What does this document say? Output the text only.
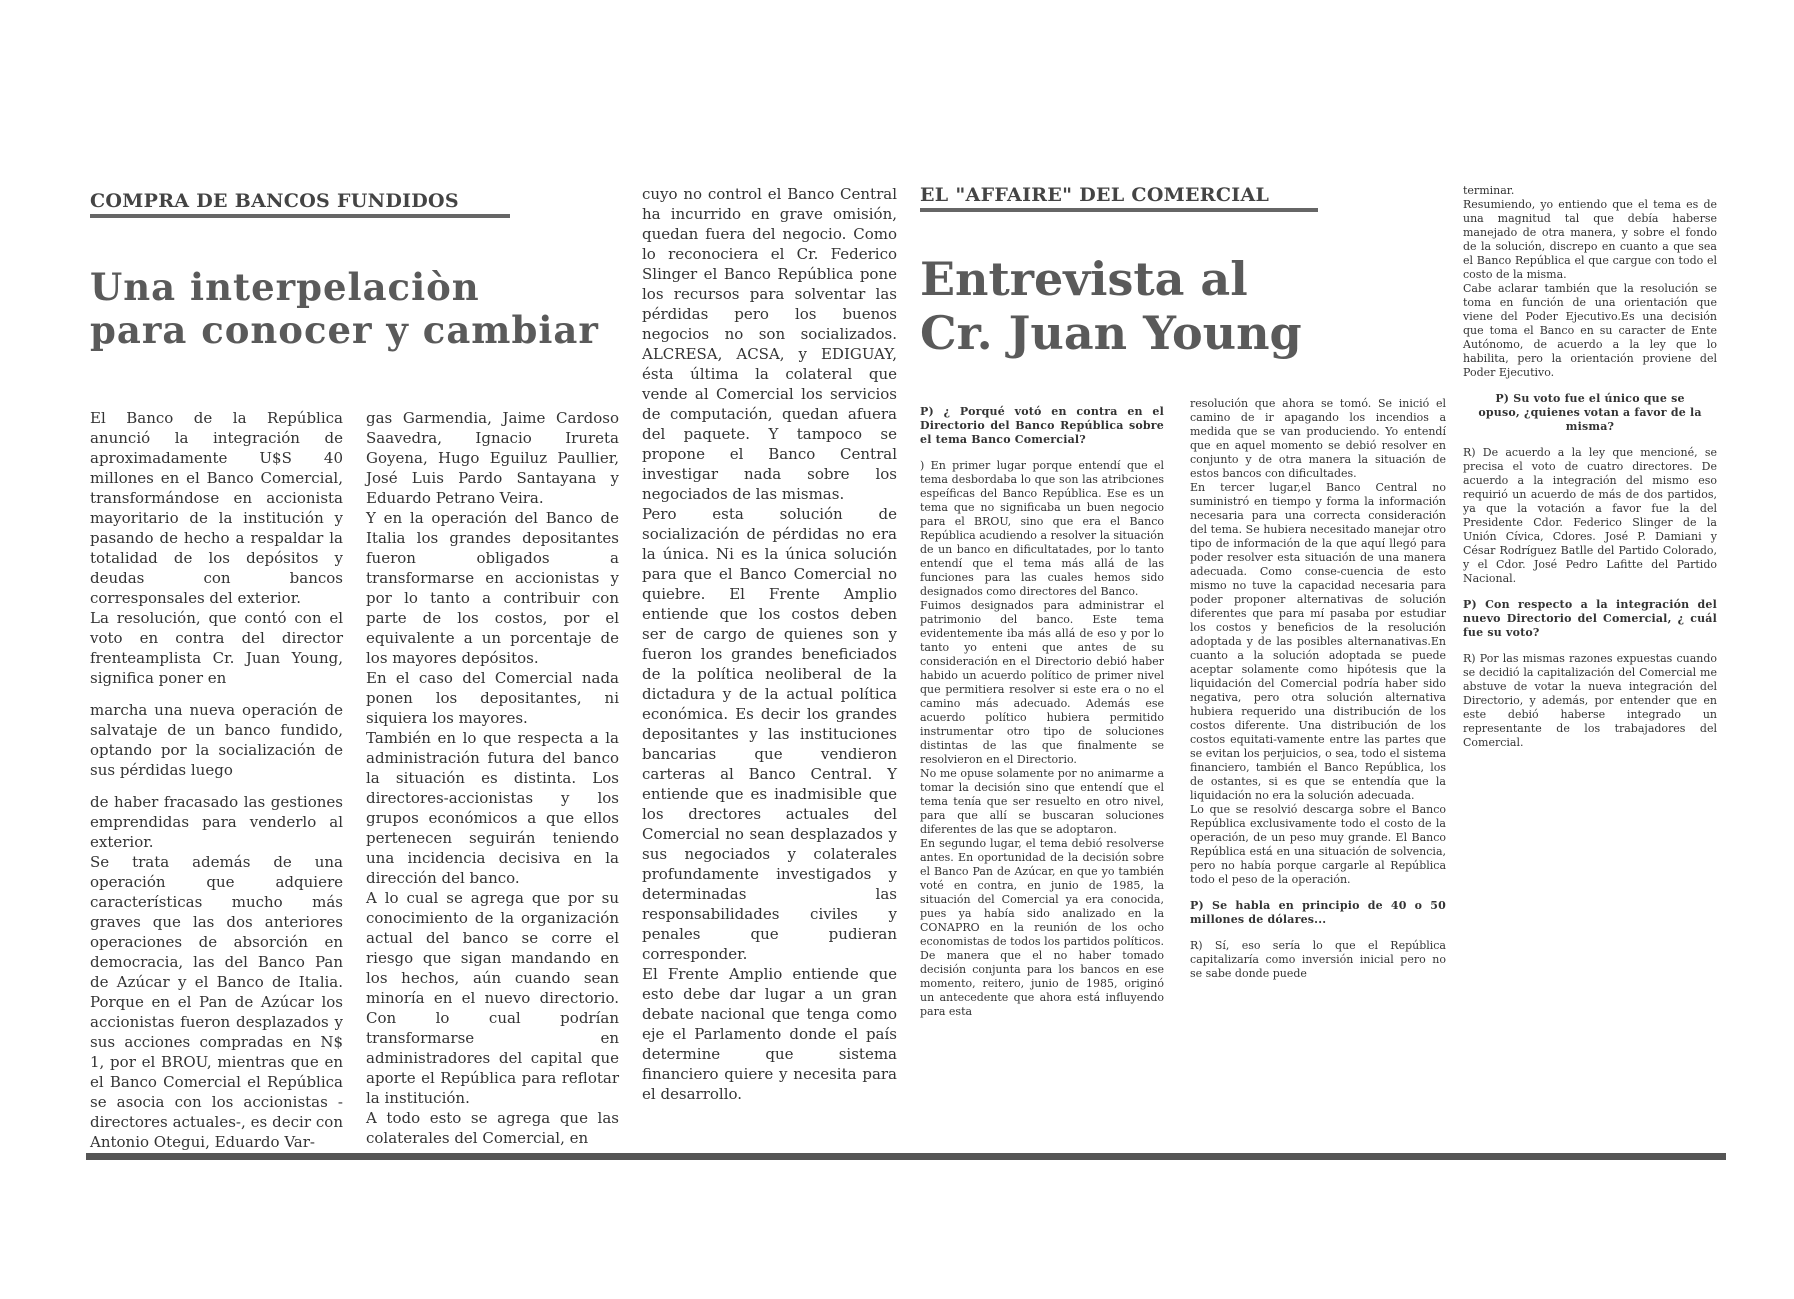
COMPRA DE BANCOS FUNDIDOS
Una interpelaciòn
para conocer y cambiar

El Banco de la República anunció la integración de aproximadamente U$S 40 millones en el Banco Comercial, transformándose en accionista mayoritario de la institución y pasando de hecho a respaldar la totalidad de los depósitos y deudas con bancos corresponsales del exterior.

La resolución, que contó con el voto en contra del director frenteamplista Cr. Juan Young, significa poner en

marcha una nueva operación de salvataje de un banco fundido, optando por la socialización de sus pérdidas luego

de haber fracasado las gestiones emprendidas para venderlo al exterior.

Se trata además de una operación que adquiere características mucho más graves que las dos anteriores operaciones de absorción en democracia, las del Banco Pan de Azúcar y el Banco de Italia. Porque en el Pan de Azúcar los accionistas fueron desplazados y sus acciones compradas en N$ 1, por el BROU, mientras que en el Banco Comercial el República se asocia con los accionistas -directores actuales-, es decir con Antonio Otegui, Eduardo Var-

gas Garmendia, Jaime Cardoso Saavedra, Ignacio Irureta Goyena, Hugo Eguiluz Paullier, José Luis Pardo Santayana y Eduardo Petrano Veira.

Y en la operación del Banco de Italia los grandes depositantes fueron obligados a transformarse en accionistas y por lo tanto a contribuir con parte de los costos, por el equivalente a un porcentaje de los mayores depósitos.

En el caso del Comercial nada ponen los depositantes, ni siquiera los mayores.

También en lo que respecta a la administración futura del banco la situación es distinta. Los directores-accionistas y los grupos económicos a que ellos pertenecen seguirán teniendo una incidencia decisiva en la dirección del banco.

A lo cual se agrega que por su conocimiento de la organización actual del banco se corre el riesgo que sigan mandando en los hechos, aún cuando sean minoría en el nuevo directorio. Con lo cual podrían transformarse en administradores del capital que aporte el República para reflotar la institución.

A todo esto se agrega que las colaterales del Comercial, en

cuyo no control el Banco Central ha incurrido en grave omisión, quedan fuera del negocio. Como lo reconociera el Cr. Federico Slinger el Banco República pone los recursos para solventar las pérdidas pero los buenos negocios no son socializados. ALCRESA, ACSA, y EDIGUAY, ésta última la colateral que vende al Comercial los servicios de computación, quedan afuera del paquete. Y tampoco se propone el Banco Central investigar nada sobre los negociados de las mismas.

Pero esta solución de socialización de pérdidas no era la única. Ni es la única solución para que el Banco Comercial no quiebre. El Frente Amplio entiende que los costos deben ser de cargo de quienes son y fueron los grandes beneficiados de la política neoliberal de la dictadura y de la actual política económica. Es decir los grandes depositantes y las instituciones bancarias que vendieron carteras al Banco Central. Y entiende que es inadmisible que los drectores actuales del Comercial no sean desplazados y sus negociados y colaterales profundamente investigados y determinadas las responsabilidades civiles y penales que pudieran corresponder.

El Frente Amplio entiende que esto debe dar lugar a un gran debate nacional que tenga como eje el Parlamento donde el país determine que sistema financiero quiere y necesita para el desarrollo.

EL "AFFAIRE" DEL COMERCIAL
Entrevista al
Cr. Juan Young

P) ¿ Porqué votó en contra en el Directorio del Banco República sobre el tema Banco Comercial?

) En primer lugar porque entendí que el tema desbordaba lo que son las atribciones espeíficas del Banco República. Ese es un tema que no significaba un buen negocio para el BROU, sino que era el Banco República acudiendo a resolver la situación de un banco en dificultatades, por lo tanto entendí que el tema más allá de las funciones para las cuales hemos sido designados como directores del Banco.

Fuimos designados para administrar el patrimonio del banco. Este tema evidentemente iba más allá de eso y por lo tanto yo enteni que antes de su consideración en el Directorio debió haber habido un acuerdo político de primer nivel que permitiera resolver si este era o no el camino más adecuado. Además ese acuerdo político hubiera permitido instrumentar otro tipo de soluciones distintas de las que finalmente se resolvieron en el Directorio.

No me opuse solamente por no animarme a tomar la decisión sino que entendí que el tema tenía que ser resuelto en otro nivel, para que allí se buscaran soluciones diferentes de las que se adoptaron.

En segundo lugar, el tema debió resolverse antes. En oportunidad de la decisión sobre el Banco Pan de Azúcar, en que yo también voté en contra, en junio de 1985, la situación del Comercial ya era conocida, pues ya había sido analizado en la CONAPRO en la reunión de los ocho economistas de todos los partidos políticos. De manera que el no haber tomado decisión conjunta para los bancos en ese momento, reitero, junio de 1985, originó un antecedente que ahora está influyendo para esta

resolución que ahora se tomó. Se inició el camino de ir apagando los incendios a medida que se van produciendo. Yo entendí que en aquel momento se debió resolver en conjunto y de otra manera la situación de estos bancos con dificultades.

En tercer lugar,el Banco Central no suministró en tiempo y forma la información necesaria para una correcta consideración del tema. Se hubiera necesitado manejar otro tipo de información de la que aquí llegó para poder resolver esta situación de una manera adecuada. Como conse-cuencia de esto mismo no tuve la capacidad necesaria para poder proponer alternativas de solución diferentes que para mí pasaba por estudiar los costos y beneficios de la resolución adoptada y de las posibles alternanativas.En cuanto a la solución adoptada se puede aceptar solamente como hipótesis que la liquidación del Comercial podría haber sido negativa, pero otra solución alternativa hubiera requerido una distribución de los costos diferente. Una distribución de los costos equitati-vamente entre las partes que se evitan los perjuicios, o sea, todo el sistema financiero, también el Banco República, los de ostantes, si es que se entendía que la liquidación no era la solución adecuada.

Lo que se resolvió descarga sobre el Banco República exclusivamente todo el costo de la operación, de un peso muy grande. El Banco República está en una situación de solvencia, pero no había porque cargarle al República todo el peso de la operación.

P) Se habla en principio de 40 o 50 millones de dólares...

R) Sí, eso sería lo que el República capitalizaría como inversión inicial pero no se sabe donde puede

terminar.

Resumiendo, yo entiendo que el tema es de una magnitud tal que debía haberse manejado de otra manera, y sobre el fondo de la solución, discrepo en cuanto a que sea el Banco República el que cargue con todo el costo de la misma.

Cabe aclarar también que la resolución se toma en función de una orientación que viene del Poder Ejecutivo.Es una decisión que toma el Banco en su caracter de Ente Autónomo, de acuerdo a la ley que lo habilita, pero la orientación proviene del Poder Ejecutivo.

P) Su voto fue el único que se opuso, ¿quienes votan a favor de la misma?

R) De acuerdo a la ley que mencioné, se precisa el voto de cuatro directores. De acuerdo a la integración del mismo eso requirió un acuerdo de más de dos partidos, ya que la votación a favor fue la del Presidente Cdor. Federico Slinger de la Unión Cívica, Cdores. José P. Damiani y César Rodríguez Batlle del Partido Colorado, y el Cdor. José Pedro Lafitte del Partido Nacional.

P) Con respecto a la integración del nuevo Directorio del Comercial, ¿ cuál fue su voto?

R) Por las mismas razones expuestas cuando se decidió la capitalización del Comercial me abstuve de votar la nueva integración del Directorio, y además, por entender que en este debió haberse integrado un representante de los trabajadores del Comercial.
